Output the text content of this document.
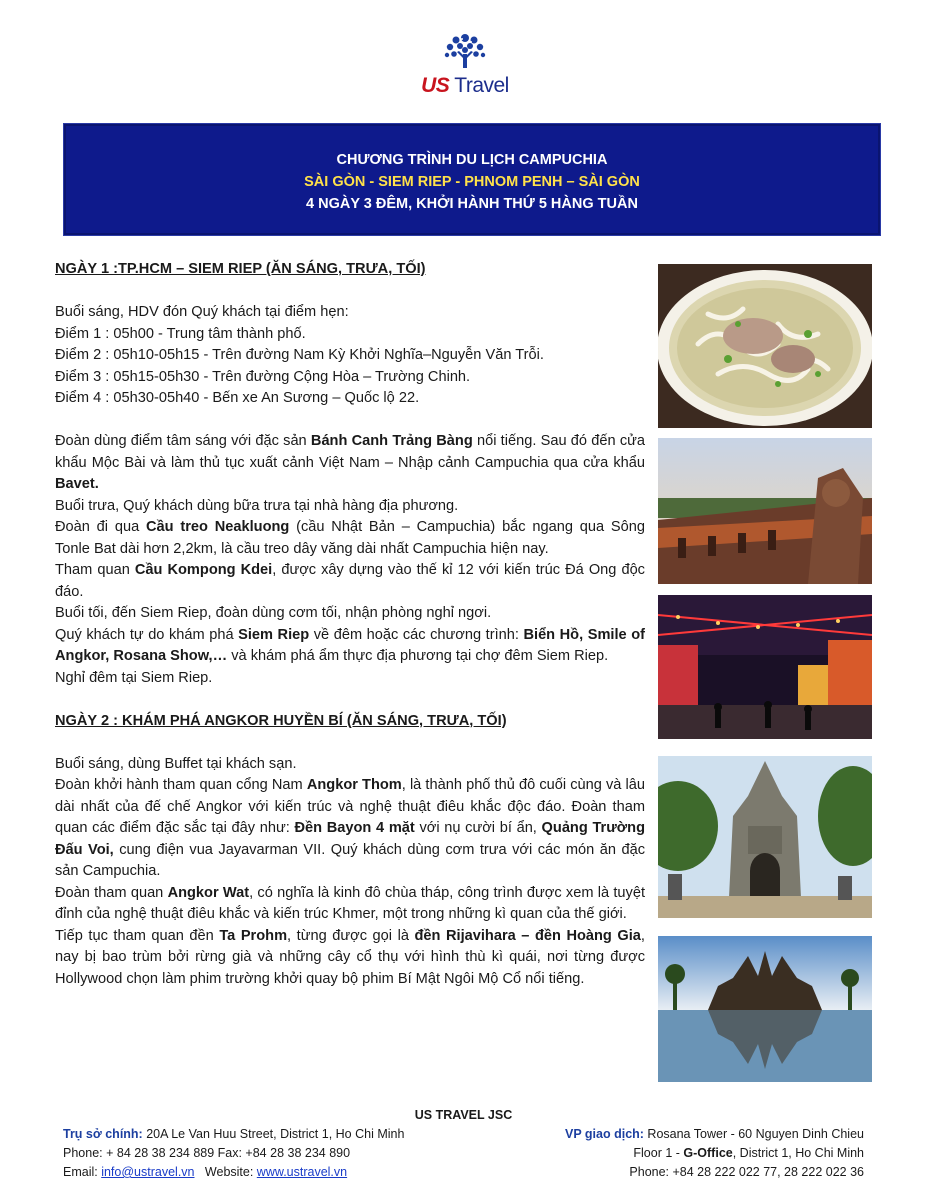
US Travel
CHƯƠNG TRÌNH DU LỊCH CAMPUCHIA
SÀI GÒN - SIEM RIEP - PHNOM PENH – SÀI GÒN
4 NGÀY 3 ĐÊM, KHỞI HÀNH THỨ 5 HÀNG TUẦN

NGÀY 1 :TP.HCM – SIEM RIEP (ĂN SÁNG, TRƯA, TỐI)

Buổi sáng, HDV đón Quý khách tại điểm hẹn:

Điểm 1 : 05h00 - Trung tâm thành phố.

Điểm 2 : 05h10-05h15 - Trên đường Nam Kỳ Khởi Nghĩa–Nguyễn Văn Trỗi.

Điểm 3 : 05h15-05h30 - Trên đường Cộng Hòa – Trường Chinh.

Điểm 4 : 05h30-05h40 - Bến xe An Sương – Quốc lộ 22.

Đoàn dùng điểm tâm sáng với đặc sản Bánh Canh Trảng Bàng nổi tiếng. Sau đó đến cửa khẩu Mộc Bài và làm thủ tục xuất cảnh Việt Nam – Nhập cảnh Campuchia qua cửa khẩu Bavet.

Buổi trưa, Quý khách dùng bữa trưa tại nhà hàng địa phương.

Đoàn đi qua Cầu treo Neakluong (cầu Nhật Bản – Campuchia) bắc ngang qua Sông Tonle Bat dài hơn 2,2km, là cầu treo dây văng dài nhất Campuchia hiện nay.

Tham quan Cầu Kompong Kdei, được xây dựng vào thế kỉ 12 với kiến trúc Đá Ong độc đáo.

Buổi tối, đến Siem Riep, đoàn dùng cơm tối, nhận phòng nghỉ ngơi.

Quý khách tự do khám phá Siem Riep về đêm hoặc các chương trình: Biển Hồ, Smile of Angkor, Rosana Show,… và khám phá ẩm thực địa phương tại chợ đêm Siem Riep.

Nghỉ đêm tại Siem Riep.

NGÀY 2 : KHÁM PHÁ ANGKOR HUYỀN BÍ (ĂN SÁNG, TRƯA, TỐI)

Buổi sáng, dùng Buffet tại khách sạn.

Đoàn khởi hành tham quan cổng Nam Angkor Thom, là thành phố thủ đô cuối cùng và lâu dài nhất của đế chế Angkor với kiến trúc và nghệ thuật điêu khắc độc đáo. Đoàn tham quan các điểm đặc sắc tại đây như: Đền Bayon 4 mặt với nụ cười bí ẩn, Quảng Trường Đấu Voi, cung điện vua Jayavarman VII. Quý khách dùng cơm trưa với các món ăn đặc sản Campuchia.

Đoàn tham quan Angkor Wat, có nghĩa là kinh đô chùa tháp, công trình được xem là tuyệt đỉnh của nghệ thuật điêu khắc và kiến trúc Khmer, một trong những kì quan của thế giới.

Tiếp tục tham quan đền Ta Prohm, từng được gọi là đền Rijavihara – đền Hoàng Gia, nay bị bao trùm bởi rừng già và những cây cổ thụ với hình thù kì quái, nơi từng được Hollywood chọn làm phim trường khởi quay bộ phim Bí Mật Ngôi Mộ Cổ nổi tiếng.

US TRAVEL JSC
Trụ sở chính: 20A Le Van Huu Street, District 1, Ho Chi Minh
Phone: + 84 28 38 234 889 Fax: +84 28 38 234 890
Email: info@ustravel.vn   Website: www.ustravel.vn
VP giao dịch: Rosana Tower - 60 Nguyen Dinh Chieu
Floor 1 - G-Office, District 1, Ho Chi Minh
Phone: +84 28 222 022 77, 28 222 022 36
